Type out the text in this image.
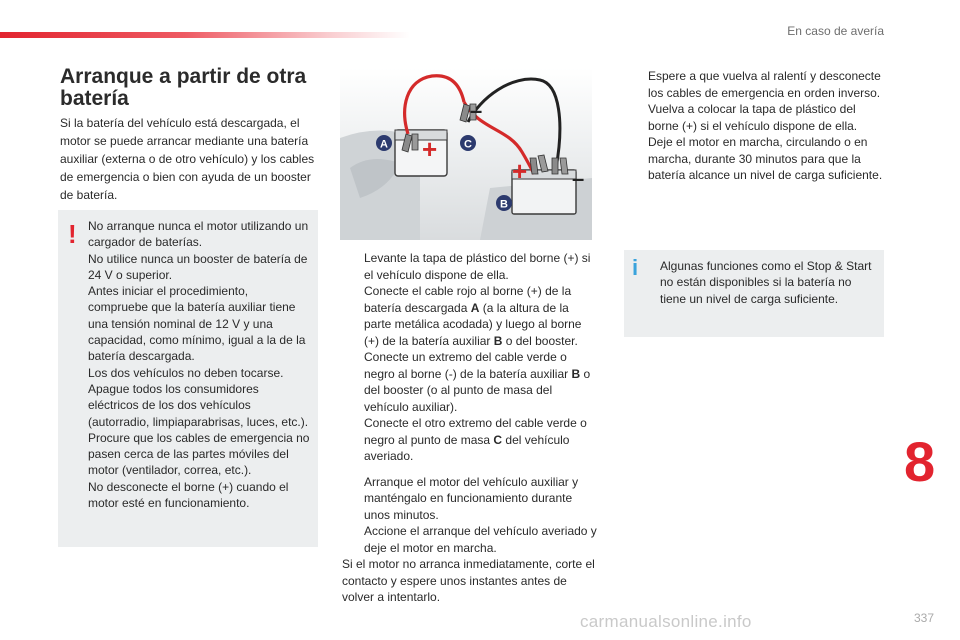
En caso de avería
Arranque a partir de otra batería
Si la batería del vehículo está descargada, el motor se puede arrancar mediante una batería auxiliar (externa o de otro vehículo) y los cables de emergencia o bien con ayuda de un booster de batería.
! No arranque nunca el motor utilizando un cargador de baterías.
No utilice nunca un booster de batería de 24 V o superior.
Antes iniciar el procedimiento, compruebe que la batería auxiliar tiene una tensión nominal de 12 V y una capacidad, como mínimo, igual a la de la batería descargada.
Los dos vehículos no deben tocarse.
Apague todos los consumidores eléctricos de los dos vehículos (autorradio, limpiaparabrisas, luces, etc.).
Procure que los cables de emergencia no pasen cerca de las partes móviles del motor (ventilador, correa, etc.).
No desconecte el borne (+) cuando el motor esté en funcionamiento.
+
–
+ –
A	C
B
Levante la tapa de plástico del borne (+) si el vehículo dispone de ella.
Conecte el cable rojo al borne (+) de la batería descargada A (a la altura de la parte metálica acodada) y luego al borne (+) de la batería auxiliar B o del booster.
Conecte un extremo del cable verde o negro al borne (-) de la batería auxiliar B o del booster (o al punto de masa del vehículo auxiliar).
Conecte el otro extremo del cable verde o negro al punto de masa C del vehículo averiado.
Arranque el motor del vehículo auxiliar y manténgalo en funcionamiento durante unos minutos.
Accione el arranque del vehículo averiado y deje el motor en marcha.
Si el motor no arranca inmediatamente, corte el contacto y espere unos instantes antes de volver a intentarlo.
Espere a que vuelva al ralentí y desconecte los cables de emergencia en orden inverso.
Vuelva a colocar la tapa de plástico del borne (+) si el vehículo dispone de ella.
Deje el motor en marcha, circulando o en marcha, durante 30 minutos para que la batería alcance un nivel de carga suficiente.
i Algunas funciones como el Stop & Start no están disponibles si la batería no tiene un nivel de carga suficiente.
8
carmanualsonline.info	337
